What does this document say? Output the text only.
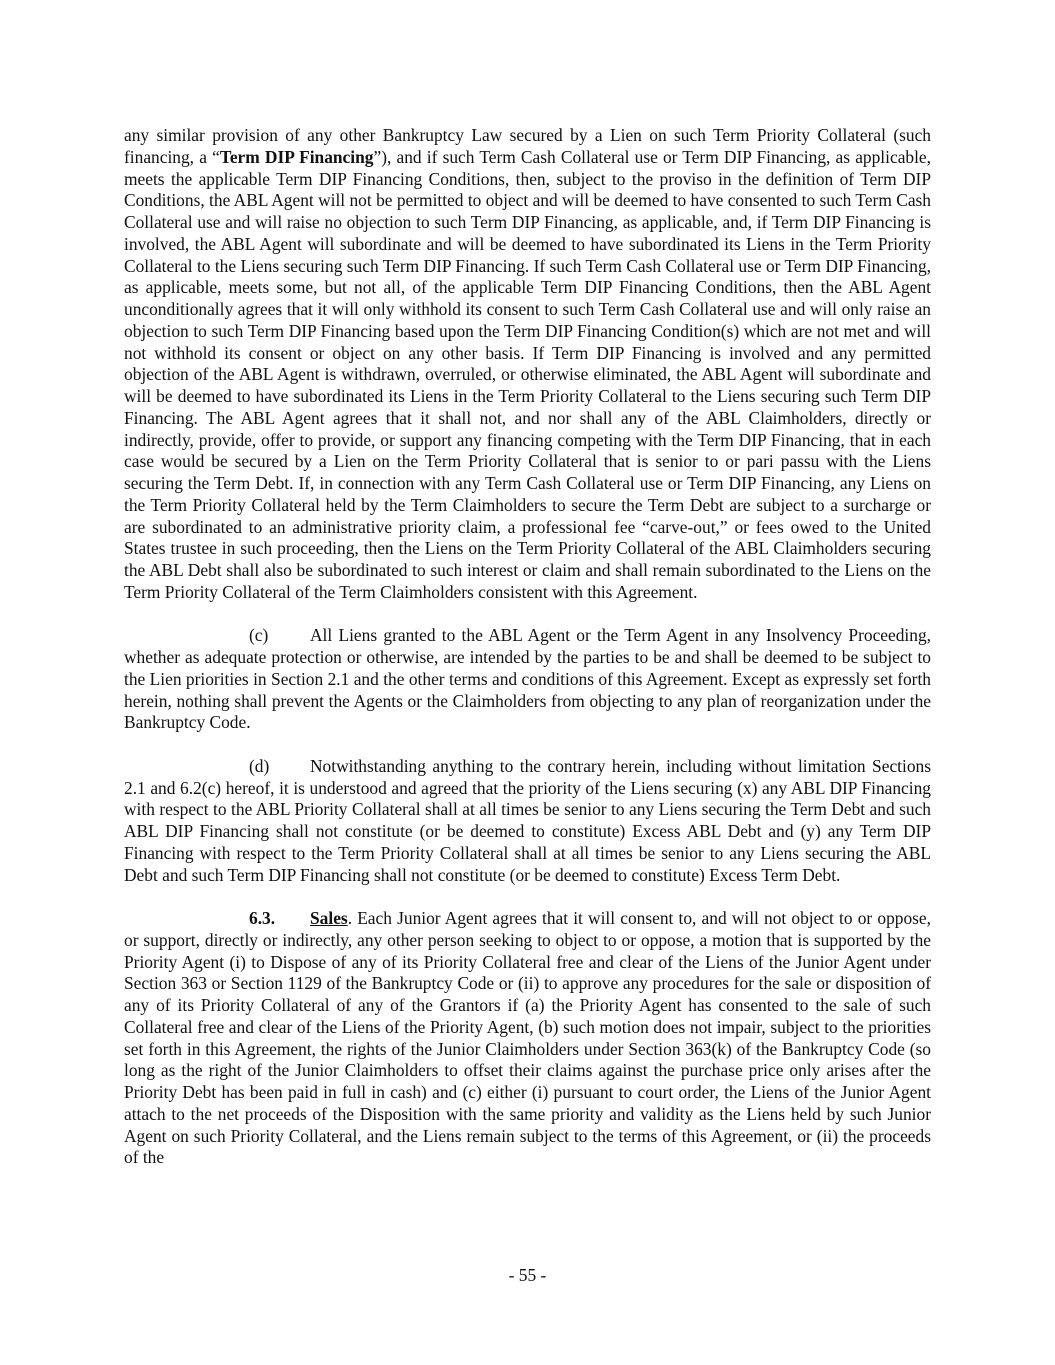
any similar provision of any other Bankruptcy Law secured by a Lien on such Term Priority Collateral (such financing, a “Term DIP Financing”), and if such Term Cash Collateral use or Term DIP Financing, as applicable, meets the applicable Term DIP Financing Conditions, then, subject to the proviso in the definition of Term DIP Conditions, the ABL Agent will not be permitted to object and will be deemed to have consented to such Term Cash Collateral use and will raise no objection to such Term DIP Financing, as applicable, and, if Term DIP Financing is involved, the ABL Agent will subordinate and will be deemed to have subordinated its Liens in the Term Priority Collateral to the Liens securing such Term DIP Financing. If such Term Cash Collateral use or Term DIP Financing, as applicable, meets some, but not all, of the applicable Term DIP Financing Conditions, then the ABL Agent unconditionally agrees that it will only withhold its consent to such Term Cash Collateral use and will only raise an objection to such Term DIP Financing based upon the Term DIP Financing Condition(s) which are not met and will not withhold its consent or object on any other basis. If Term DIP Financing is involved and any permitted objection of the ABL Agent is withdrawn, overruled, or otherwise eliminated, the ABL Agent will subordinate and will be deemed to have subordinated its Liens in the Term Priority Collateral to the Liens securing such Term DIP Financing. The ABL Agent agrees that it shall not, and nor shall any of the ABL Claimholders, directly or indirectly, provide, offer to provide, or support any financing competing with the Term DIP Financing, that in each case would be secured by a Lien on the Term Priority Collateral that is senior to or pari passu with the Liens securing the Term Debt. If, in connection with any Term Cash Collateral use or Term DIP Financing, any Liens on the Term Priority Collateral held by the Term Claimholders to secure the Term Debt are subject to a surcharge or are subordinated to an administrative priority claim, a professional fee “carve-out,” or fees owed to the United States trustee in such proceeding, then the Liens on the Term Priority Collateral of the ABL Claimholders securing the ABL Debt shall also be subordinated to such interest or claim and shall remain subordinated to the Liens on the Term Priority Collateral of the Term Claimholders consistent with this Agreement.

(c) All Liens granted to the ABL Agent or the Term Agent in any Insolvency Proceeding, whether as adequate protection or otherwise, are intended by the parties to be and shall be deemed to be subject to the Lien priorities in Section 2.1 and the other terms and conditions of this Agreement. Except as expressly set forth herein, nothing shall prevent the Agents or the Claimholders from objecting to any plan of reorganization under the Bankruptcy Code.

(d) Notwithstanding anything to the contrary herein, including without limitation Sections 2.1 and 6.2(c) hereof, it is understood and agreed that the priority of the Liens securing (x) any ABL DIP Financing with respect to the ABL Priority Collateral shall at all times be senior to any Liens securing the Term Debt and such ABL DIP Financing shall not constitute (or be deemed to constitute) Excess ABL Debt and (y) any Term DIP Financing with respect to the Term Priority Collateral shall at all times be senior to any Liens securing the ABL Debt and such Term DIP Financing shall not constitute (or be deemed to constitute) Excess Term Debt.

6.3. Sales. Each Junior Agent agrees that it will consent to, and will not object to or oppose, or support, directly or indirectly, any other person seeking to object to or oppose, a motion that is supported by the Priority Agent (i) to Dispose of any of its Priority Collateral free and clear of the Liens of the Junior Agent under Section 363 or Section 1129 of the Bankruptcy Code or (ii) to approve any procedures for the sale or disposition of any of its Priority Collateral of any of the Grantors if (a) the Priority Agent has consented to the sale of such Collateral free and clear of the Liens of the Priority Agent, (b) such motion does not impair, subject to the priorities set forth in this Agreement, the rights of the Junior Claimholders under Section 363(k) of the Bankruptcy Code (so long as the right of the Junior Claimholders to offset their claims against the purchase price only arises after the Priority Debt has been paid in full in cash) and (c) either (i) pursuant to court order, the Liens of the Junior Agent attach to the net proceeds of the Disposition with the same priority and validity as the Liens held by such Junior Agent on such Priority Collateral, and the Liens remain subject to the terms of this Agreement, or (ii) the proceeds of the

- 55 -
